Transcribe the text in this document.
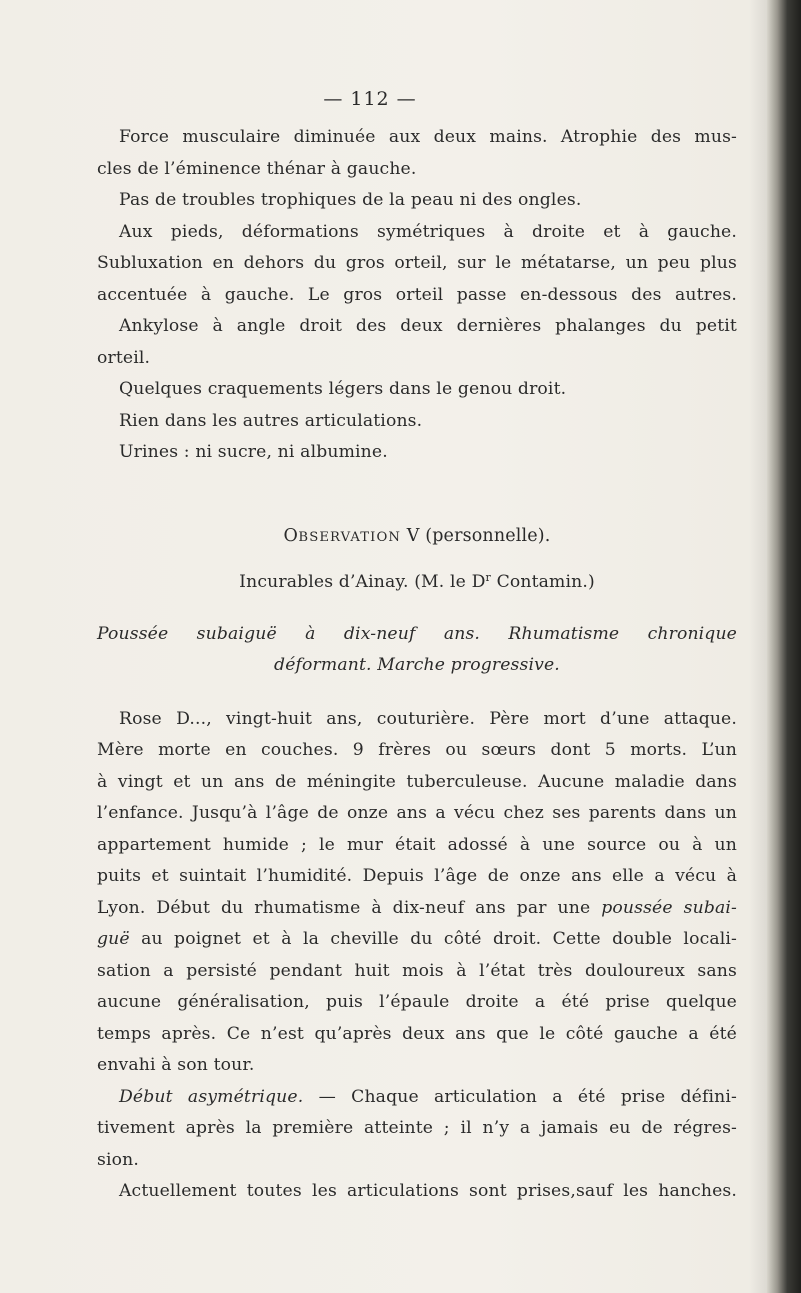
— 112 —
Force musculaire diminuée aux deux mains. Atrophie des mus-
cles de l’éminence thénar à gauche.
Pas de troubles trophiques de la peau ni des ongles.
Aux pieds, déformations symétriques à droite et à gauche.
Subluxation en dehors du gros orteil, sur le métatarse, un peu plus
accentuée à gauche. Le gros orteil passe en-dessous des autres.
Ankylose à angle droit des deux dernières phalanges du petit
orteil.
Quelques craquements légers dans le genou droit.
Rien dans les autres articulations.
Urines : ni sucre, ni albumine.
OBSERVATION V (personnelle).
Incurables d’Ainay. (M. le $D^r$ Contamin.)
Poussée subaiguë à dix-neuf ans. Rhumatisme chronique
déformant. Marche progressive.
Rose D..., vingt-huit ans, couturière. Père mort d’une attaque.
Mère morte en couches. 9 frères ou sœurs dont 5 morts. L’un
à vingt et un ans de méningite tuberculeuse. Aucune maladie dans
l’enfance. Jusqu’à l’âge de onze ans a vécu chez ses parents dans un
appartement humide ; le mur était adossé à une source ou à un
puits et suintait l’humidité. Depuis l’âge de onze ans elle a vécu à
Lyon. Début du rhumatisme à dix-neuf ans par une poussée subai-
guë au poignet et à la cheville du côté droit. Cette double locali-
sation a persisté pendant huit mois à l’état très douloureux sans
aucune généralisation, puis l’épaule droite a été prise quelque
temps après. Ce n’est qu’après deux ans que le côté gauche a été
envahi à son tour.
Début asymétrique. — Chaque articulation a été prise défini-
tivement après la première atteinte ; il n’y a jamais eu de régres-
sion.
Actuellement toutes les articulations sont prises,sauf les hanches.
